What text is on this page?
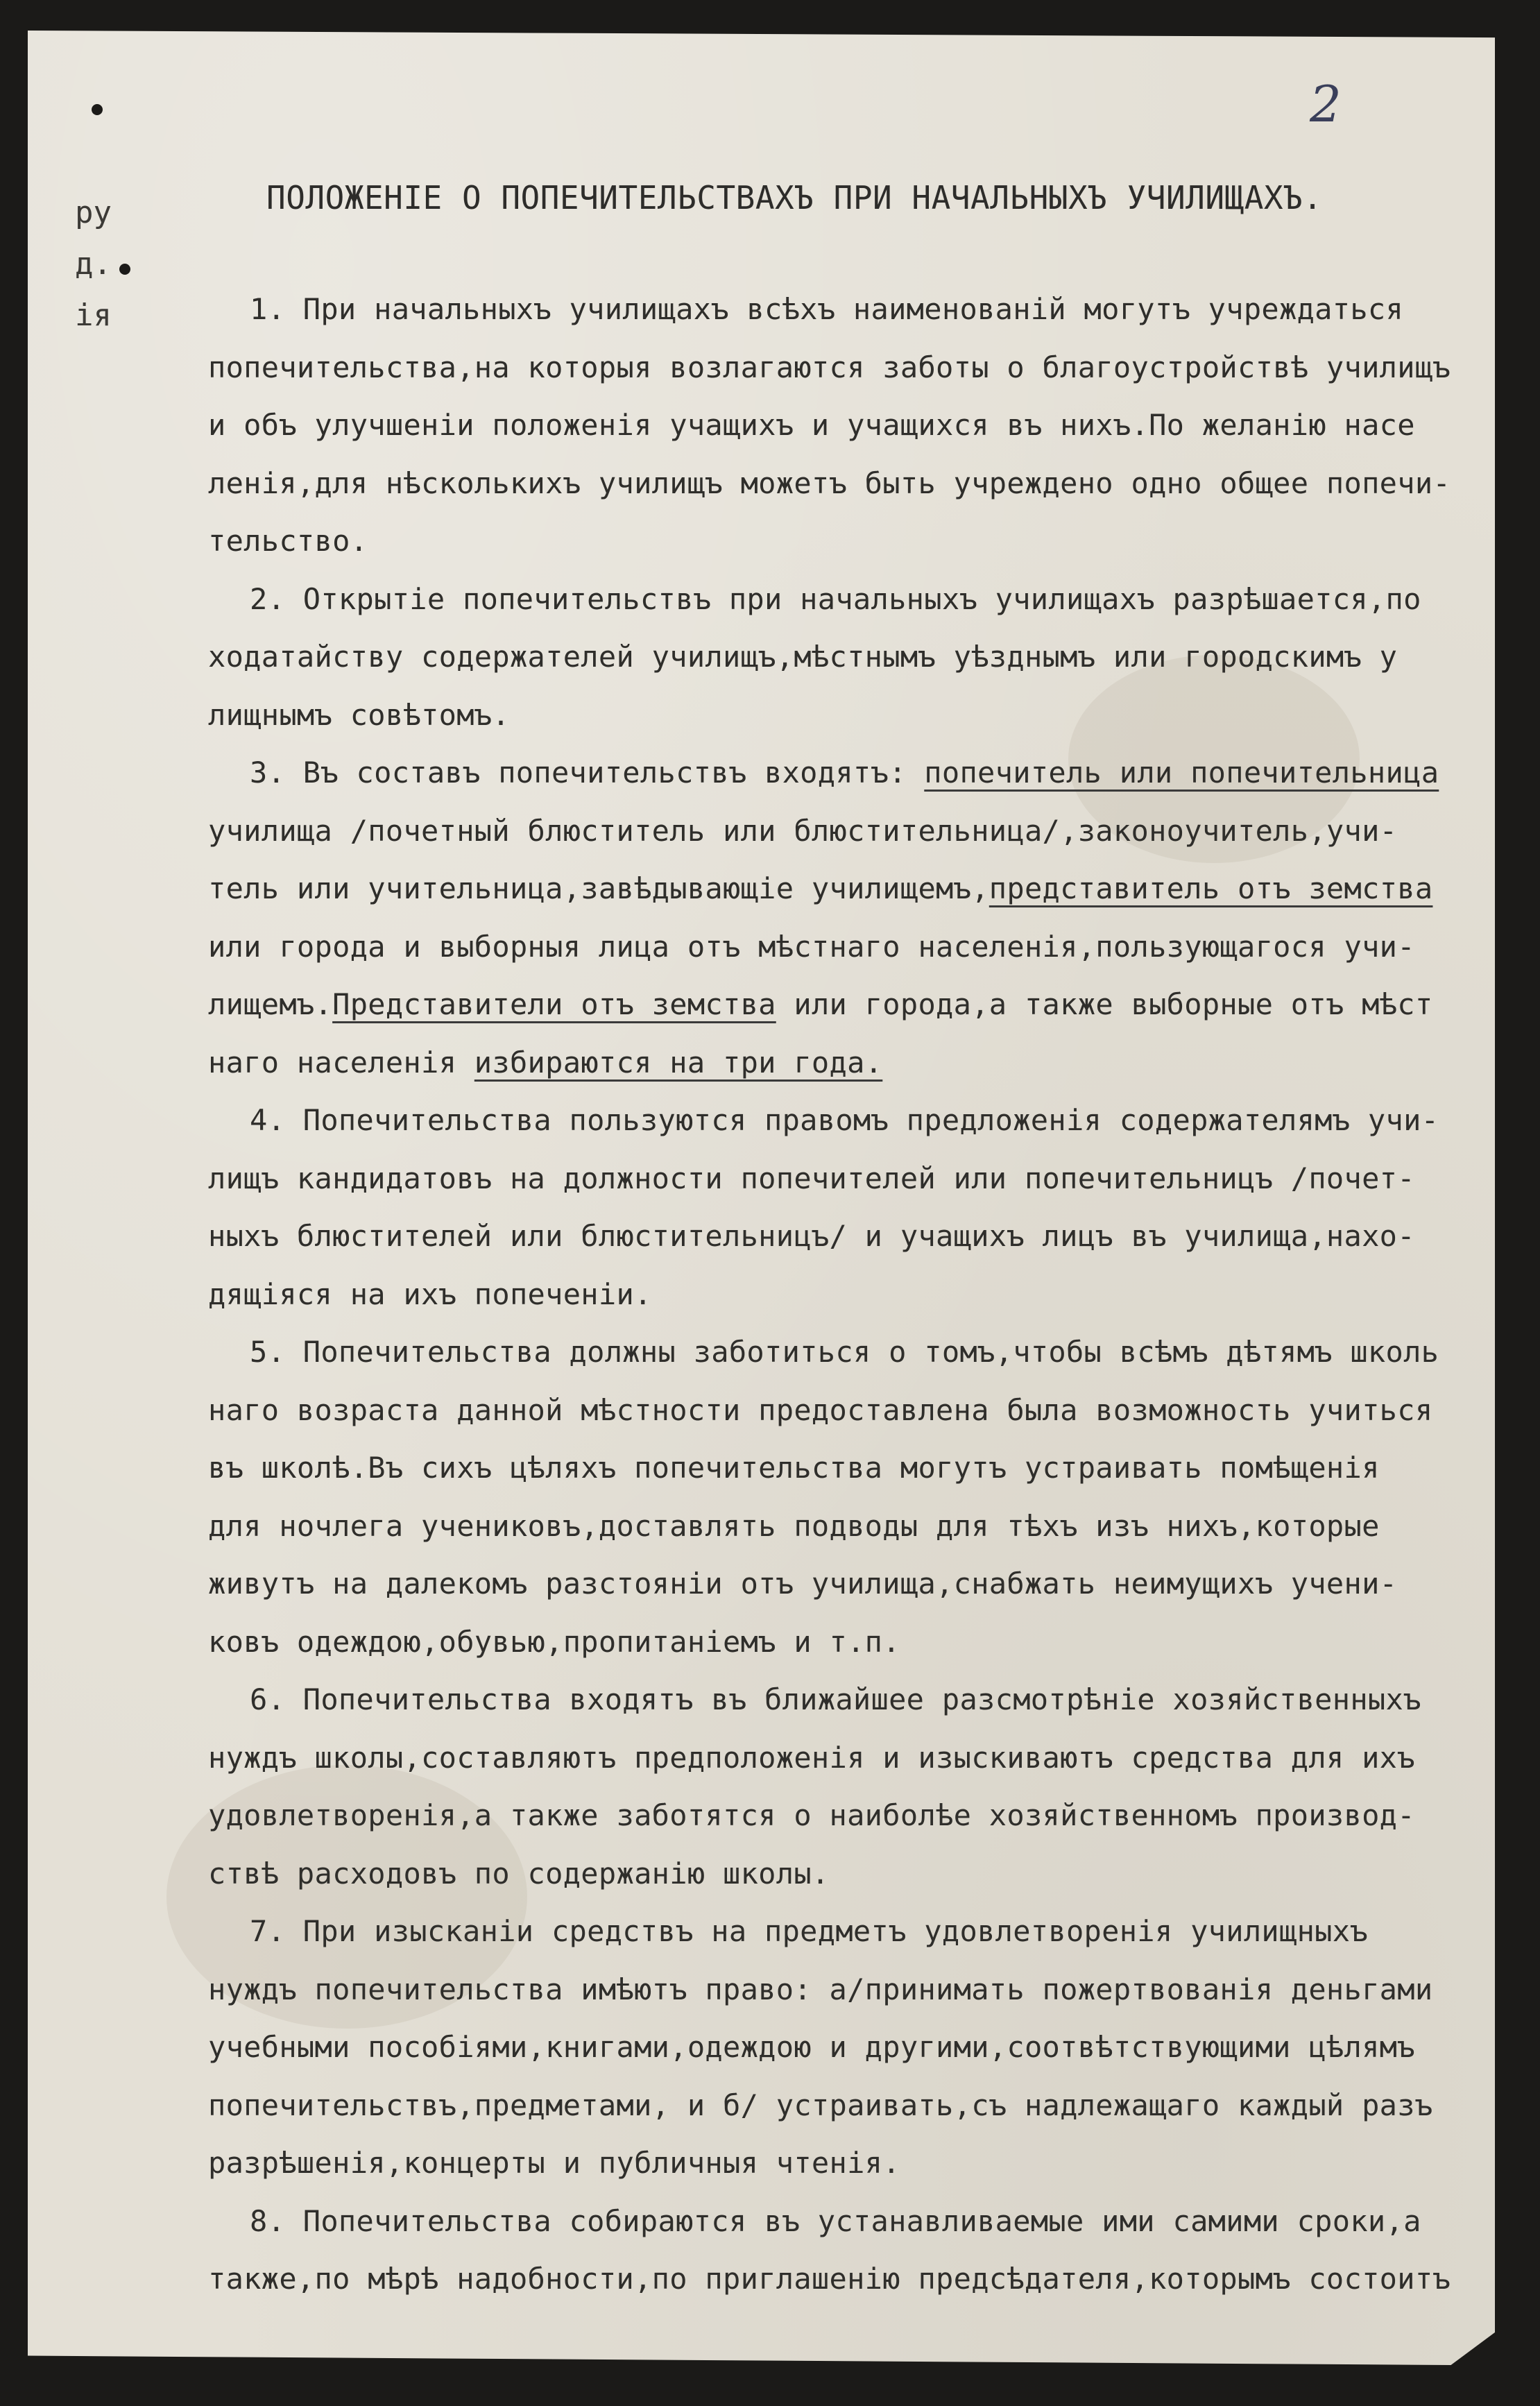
2
ру
д.
ія
ПОЛОЖЕНІЕ О ПОПЕЧИТЕЛЬСТВАХЪ ПРИ НАЧАЛЬНЫХЪ УЧИЛИЩАХЪ.
1. При начальныхъ училищахъ всѣхъ наименованій могутъ учреждаться
попечительства,на которыя возлагаются заботы о благоустройствѣ училищъ
и объ улучшеніи положенія учащихъ и учащихся въ нихъ.По желанію насе
ленія,для нѣсколькихъ училищъ можетъ быть учреждено одно общее попечи-
тельство.
2. Открытіе попечительствъ при начальныхъ училищахъ разрѣшается,по
ходатайству содержателей училищъ,мѣстнымъ уѣзднымъ или городскимъ у
лищнымъ совѣтомъ.
3. Въ составъ попечительствъ входятъ: попечитель или попечительница
училища /почетный блюститель или блюстительница/,законоучитель,учи-
тель или учительница,завѣдывающіе училищемъ,представитель отъ земства
или города и выборныя лица отъ мѣстнаго населенія,пользующагося учи-
лищемъ.Представители отъ земства или города,а также выборные отъ мѣст
наго населенія избираются на три года.
4. Попечительства пользуются правомъ предложенія содержателямъ учи-
лищъ кандидатовъ на должности попечителей или попечительницъ /почет-
ныхъ блюстителей или блюстительницъ/ и учащихъ лицъ въ училища,нахо-
дящіяся на ихъ попеченіи.
5. Попечительства должны заботиться о томъ,чтобы всѣмъ дѣтямъ школь
наго возраста данной мѣстности предоставлена была возможность учиться
въ школѣ.Въ сихъ цѣляхъ попечительства могутъ устраивать помѣщенія
для ночлега учениковъ,доставлять подводы для тѣхъ изъ нихъ,которые
живутъ на далекомъ разстояніи отъ училища,снабжать неимущихъ учени-
ковъ одеждою,обувью,пропитаніемъ и т.п.
6. Попечительства входятъ въ ближайшее разсмотрѣніе хозяйственныхъ
нуждъ школы,составляютъ предположенія и изыскиваютъ средства для ихъ
удовлетворенія,а также заботятся о наиболѣе хозяйственномъ производ-
ствѣ расходовъ по содержанію школы.
7. При изысканіи средствъ на предметъ удовлетворенія училищныхъ
нуждъ попечительства имѣютъ право: а/принимать пожертвованія деньгами
учебными пособіями,книгами,одеждою и другими,соотвѣтствующими цѣлямъ
попечительствъ,предметами, и б/ устраивать,съ надлежащаго каждый разъ
разрѣшенія,концерты и публичныя чтенія.
8. Попечительства собираются въ устанавливаемые ими самими сроки,а
также,по мѣрѣ надобности,по приглашенію предсѣдателя,которымъ состоитъ
